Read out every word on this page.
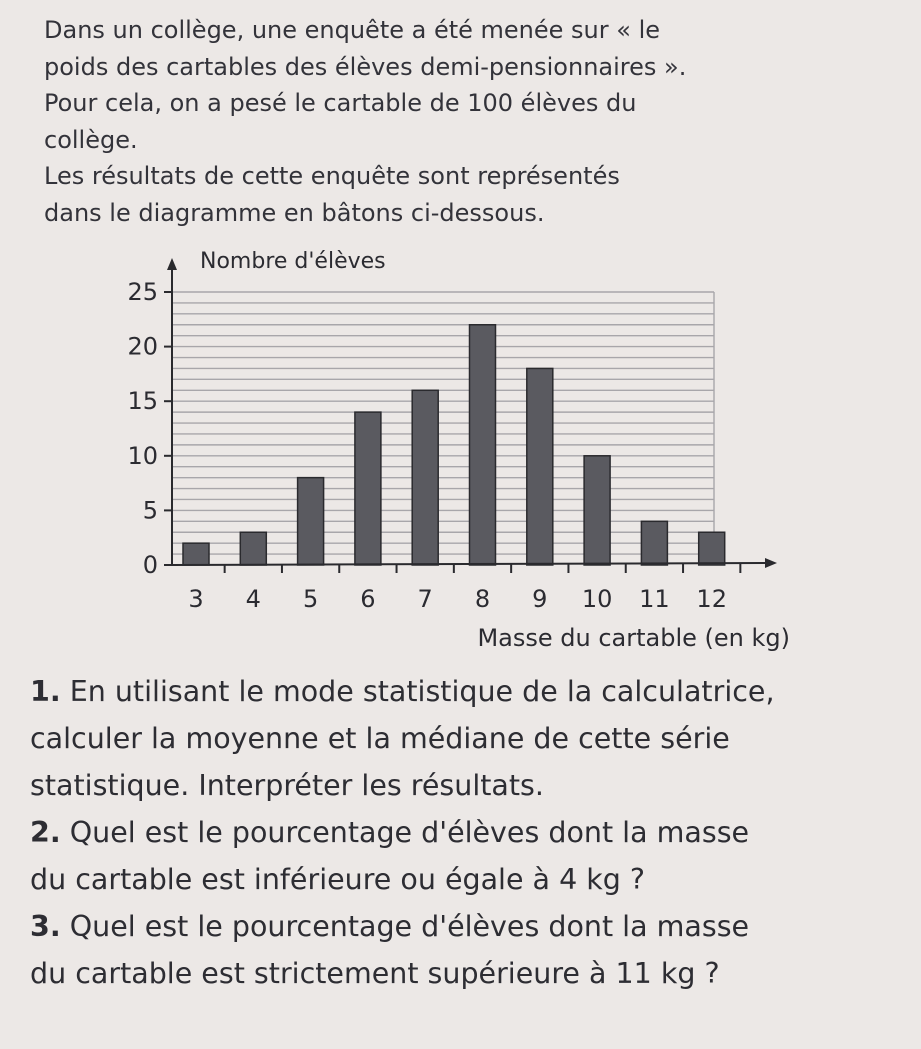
Dans un collège, une enquête a été menée sur « le

poids des cartables des élèves demi-pensionnaires ».

Pour cela, on a pesé le cartable de 100 élèves du

collège.

Les résultats de cette enquête sont représentés

dans le diagramme en bâtons ci-dessous.

0
5
10
15
20
25
3 4 5 6 7 8 9 10 11 12
Nombre d'élèves
Masse du cartable (en kg)

1. En utilisant le mode statistique de la calculatrice,

calculer la moyenne et la médiane de cette série

statistique. Interpréter les résultats.

2. Quel est le pourcentage d'élèves dont la masse

du cartable est inférieure ou égale à 4 kg ?

3. Quel est le pourcentage d'élèves dont la masse

du cartable est strictement supérieure à 11 kg ?
